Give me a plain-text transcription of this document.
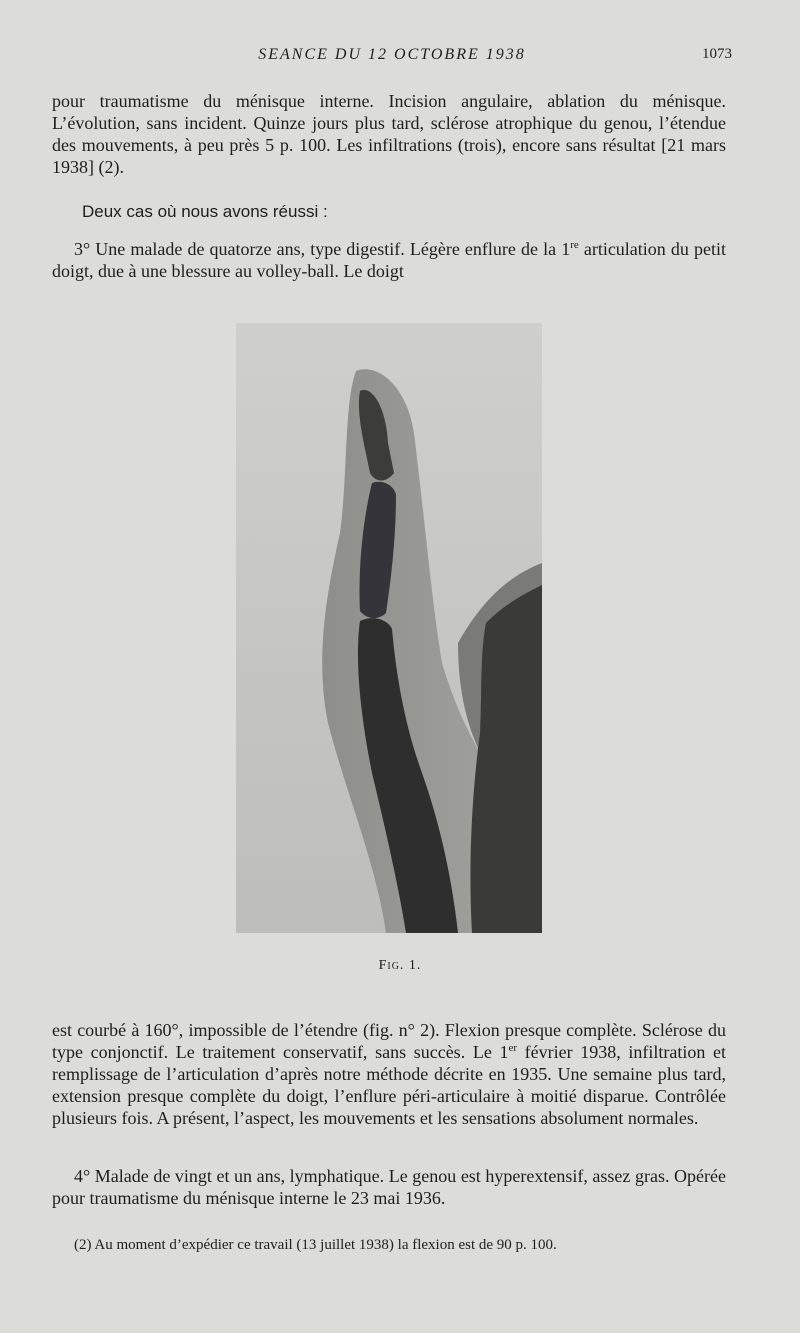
SEANCE DU 12 OCTOBRE 1938	1073
pour traumatisme du ménisque interne. Incision angulaire, ablation du ménisque. L’évolution, sans incident. Quinze jours plus tard, sclérose atrophique du genou, l’étendue des mouvements, à peu près 5 p. 100. Les infiltrations (trois), encore sans résultat [21 mars 1938] (2).
Deux cas où nous avons réussi :
3° Une malade de quatorze ans, type digestif. Légère enflure de la 1re articulation du petit doigt, due à une blessure au volley-ball. Le doigt
Fig. 1.
est courbé à 160°, impossible de l’étendre (fig. n° 2). Flexion presque complète. Sclérose du type conjonctif. Le traitement conservatif, sans succès. Le 1er février 1938, infiltration et remplissage de l’articulation d’après notre méthode décrite en 1935. Une semaine plus tard, extension presque complète du doigt, l’enflure péri-articulaire à moitié disparue. Contrôlée plusieurs fois. A présent, l’aspect, les mouvements et les sensations absolument normales.
4° Malade de vingt et un ans, lymphatique. Le genou est hyperextensif, assez gras. Opérée pour traumatisme du ménisque interne le 23 mai 1936.
(2) Au moment d’expédier ce travail (13 juillet 1938) la flexion est de 90 p. 100.
